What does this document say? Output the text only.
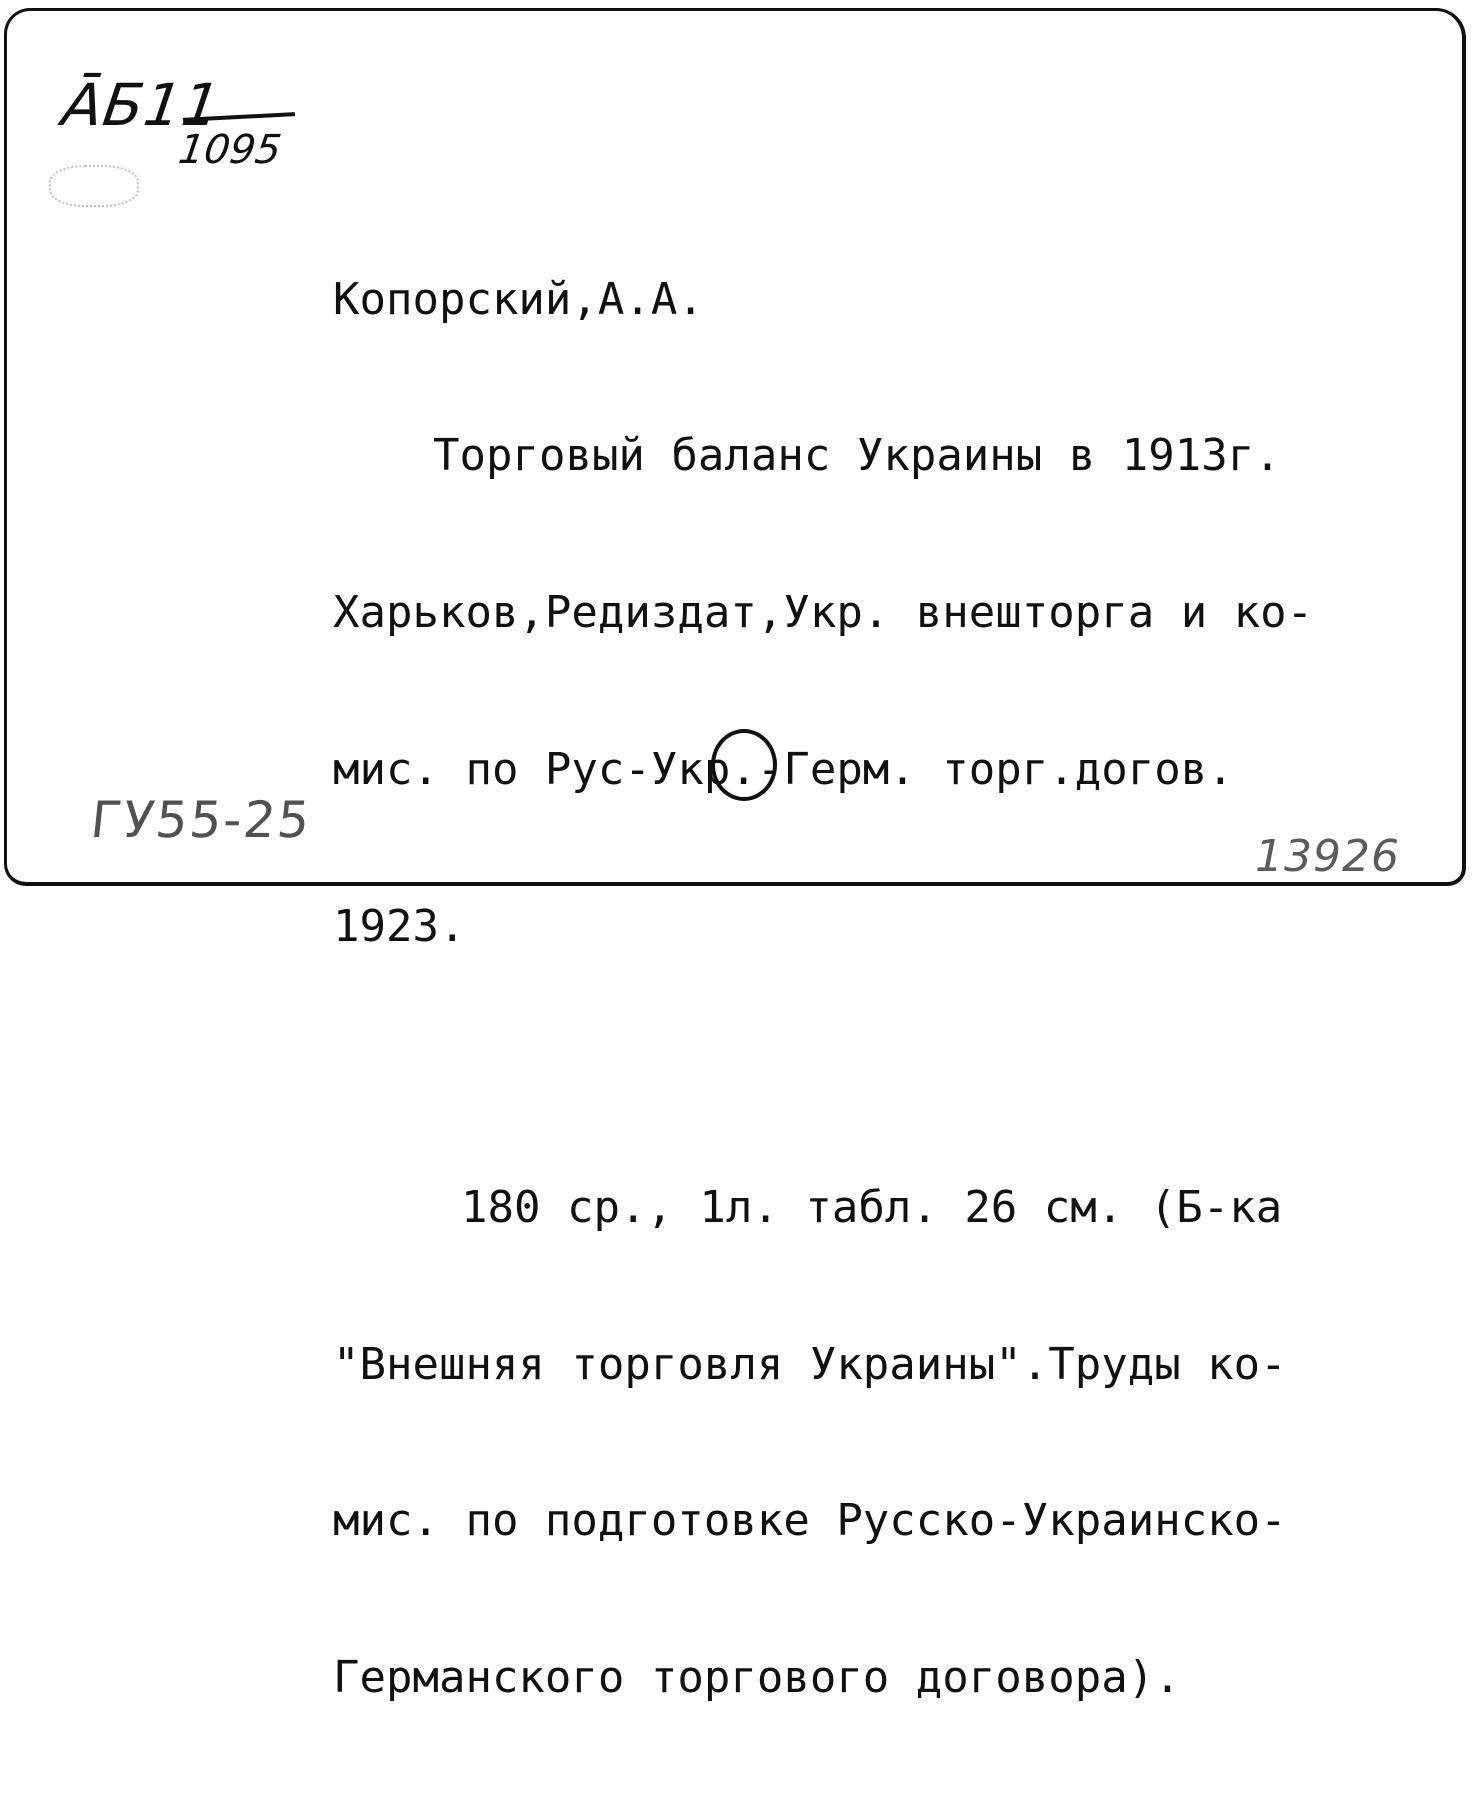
ĀБ11
1095

Копорский,А.А.

Торговый баланс Украины в 1913г.

Харьков,Редиздат,Укр. внешторга и ко-

мис. по Рус-Укр.-Герм. торг.догов.

1923.

180 ср., 1л. табл. 26 см. (Б-ка

"Внешняя торговля Украины".Труды ко-

мис. по подготовке Русско-Украинско-

Германского торгового договора).

ГУ55-25
13926
